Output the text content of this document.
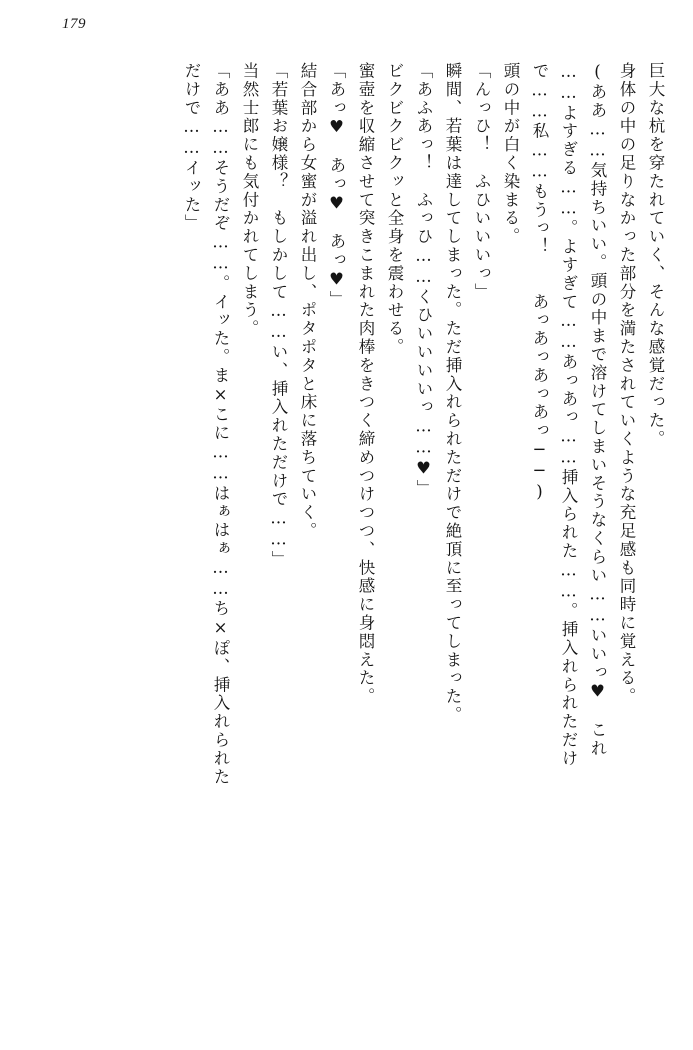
179
巨大な杭を穿たれていく、そんな感覚だった。
身体の中の足りなかった部分を満たされていくような充足感も同時に覚える。
(ああ……気持ちいい。頭の中まで溶けてしまいそうなくらい……いいっ♥　これ
……よすぎる……。よすぎて……あっあっ……挿入られた……。挿入れられただけ
で……私……もうっ！　　あっあっあっあっ──)
頭の中が白く染まる。
「んっひ！　ふひいいいっ」
瞬間、若葉は達してしまった。ただ挿入れられただけで絶頂に至ってしまった。
「あふあっ！　ふっひ……くひいいいいっ……♥」
ビクビクビクッと全身を震わせる。
蜜壺を収縮させて突きこまれた肉棒をきつく締めつけつつ、快感に身悶えた。
「あっ♥　あっ♥　あっ♥」
結合部から女蜜が溢れ出し、ポタポタと床に落ちていく。
「若葉お嬢様？　もしかして……い、挿入れただけで……」
当然士郎にも気付かれてしまう。
「ああ……そうだぞ……。イッた。ま×こに……はぁはぁ……ち×ぽ、挿入れられた
だけで……イッた」
